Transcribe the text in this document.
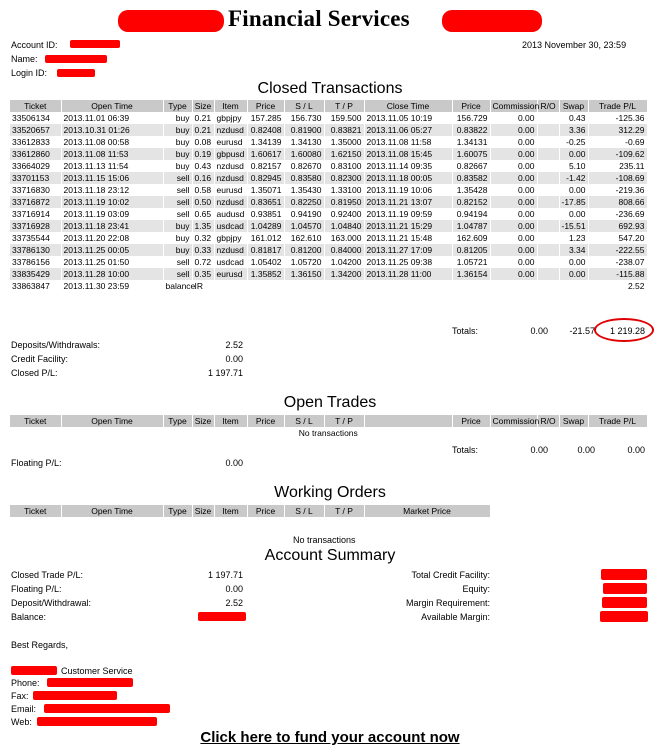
Financial Services
Account ID:
Name:
Login ID:
2013 November 30, 23:59
Closed Transactions
Ticket	Open Time	Type	Size	Item	Price	S / L	T / P	Close Time	Price	Commission	R/O	Swap	Trade P/L
33506134	2013.11.01 06:39	buy	0.21	gbpjpy	157.285	156.730	159.500	2013.11.05 10:19	156.729	0.00		0.43	-125.36
33520657	2013.10.31 01:26	buy	0.21	nzdusd	0.82408	0.81900	0.83821	2013.11.06 05:27	0.83822	0.00		3.36	312.29
33612833	2013.11.08 00:58	buy	0.08	eurusd	1.34139	1.34130	1.35000	2013.11.08 11:58	1.34131	0.00		-0.25	-0.69
33612860	2013.11.08 11:53	buy	0.19	gbpusd	1.60617	1.60080	1.62150	2013.11.08 15:45	1.60075	0.00		0.00	-109.62
33664029	2013.11.13 11:54	buy	0.43	nzdusd	0.82157	0.82670	0.83100	2013.11.14 09:35	0.82667	0.00		5.10	235.11
33701153	2013.11.15 15:06	sell	0.16	nzdusd	0.82945	0.83580	0.82300	2013.11.18 00:05	0.83582	0.00		-1.42	-108.69
33716830	2013.11.18 23:12	sell	0.58	eurusd	1.35071	1.35430	1.33100	2013.11.19 10:06	1.35428	0.00		0.00	-219.36
33716872	2013.11.19 10:02	sell	0.50	nzdusd	0.83651	0.82250	0.81950	2013.11.21 13:07	0.82152	0.00		-17.85	808.66
33716914	2013.11.19 03:09	sell	0.65	audusd	0.93851	0.94190	0.92400	2013.11.19 09:59	0.94194	0.00		0.00	-236.69
33716928	2013.11.18 23:41	buy	1.35	usdcad	1.04289	1.04570	1.04840	2013.11.21 15:29	1.04787	0.00		-15.51	692.93
33735544	2013.11.20 22:08	buy	0.32	gbpjpy	161.012	162.610	163.000	2013.11.21 15:48	162.609	0.00		1.23	547.20
33786130	2013.11.25 00:05	buy	0.33	nzdusd	0.81817	0.81200	0.84000	2013.11.27 17:09	0.81205	0.00		3.34	-222.55
33786156	2013.11.25 01:50	sell	0.72	usdcad	1.05402	1.05720	1.04200	2013.11.25 09:38	1.05721	0.00		0.00	-238.07
33835429	2013.11.28 10:00	sell	0.35	eurusd	1.35852	1.36150	1.34200	2013.11.28 11:00	1.36154	0.00		0.00	-115.88
33863847	2013.11.30 23:59	balance	IR										2.52
Totals:	0.00	-21.57	1 219.28
Deposits/Withdrawals:	2.52
Credit Facility:	0.00
Closed P/L:	1 197.71
Open Trades
Ticket	Open Time	Type	Size	Item	Price	S / L	T / P		Price	Commission	R/O	Swap	Trade P/L
No transactions
Totals:	0.00	0.00	0.00
Floating P/L:	0.00
Working Orders
Ticket	Open Time	Type	Size	Item	Price	S / L	T / P	Market Price
No transactions
Account Summary
Closed Trade P/L:	1 197.71
Floating P/L:	0.00
Deposit/Withdrawal:	2.52
Balance:
Total Credit Facility:
Equity:
Margin Requirement:
Available Margin:
Best Regards,
Customer Service
Phone:
Fax:
Email:
Web:
Click here to fund your account now
